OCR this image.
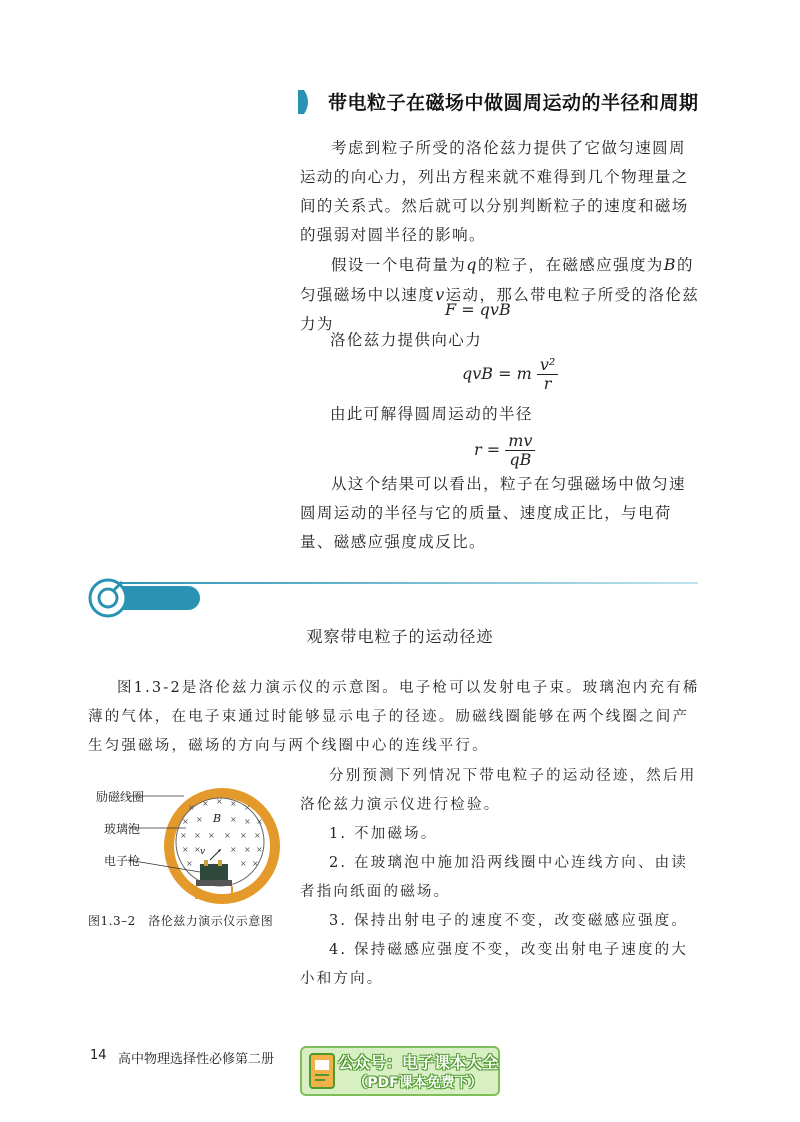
带电粒子在磁场中做圆周运动的半径和周期

考虑到粒子所受的洛伦兹力提供了它做匀速圆周运动的向心力，列出方程来就不难得到几个物理量之间的关系式。然后就可以分别判断粒子的速度和磁场的强弱对圆半径的影响。

假设一个电荷量为q的粒子，在磁感应强度为B的匀强磁场中以速度v运动，那么带电粒子所受的洛伦兹力为

F = qvB
洛伦兹力提供向心力
qvB = m $\frac{\text{v²}}{r}$
由此可解得圆周运动的半径
$r = \frac{mv}{qB}$

从这个结果可以看出，粒子在匀强磁场中做匀速圆周运动的半径与它的质量、速度成正比，与电荷量、磁感应强度成反比。

观察带电粒子的运动径迹
图1.3-2是洛伦兹力演示仪的示意图。电子枪可以发射电子束。玻璃泡内充有稀薄的气体，在电子束通过时能够显示电子的径迹。励磁线圈能够在两个线圈之间产生匀强磁场，磁场的方向与两个线圈中心的连线平行。
× × × × ×
× ×	× × ×
× × × × × ×
× ×	× × ×
×	× ×
B
v
励磁线圈
玻璃泡
电子枪
图1.3–2　洛伦兹力演示仪示意图
分别预测下列情况下带电粒子的运动径迹，然后用洛伦兹力演示仪进行检验。
1. 不加磁场。
2. 在玻璃泡中施加沿两线圈中心连线方向、由读者指向纸面的磁场。
3. 保持出射电子的速度不变，改变磁感应强度。
4. 保持磁感应强度不变，改变出射电子速度的大小和方向。
14 高中物理选择性必修第二册	公众号：电子课本大全
（PDF课本免费下）
